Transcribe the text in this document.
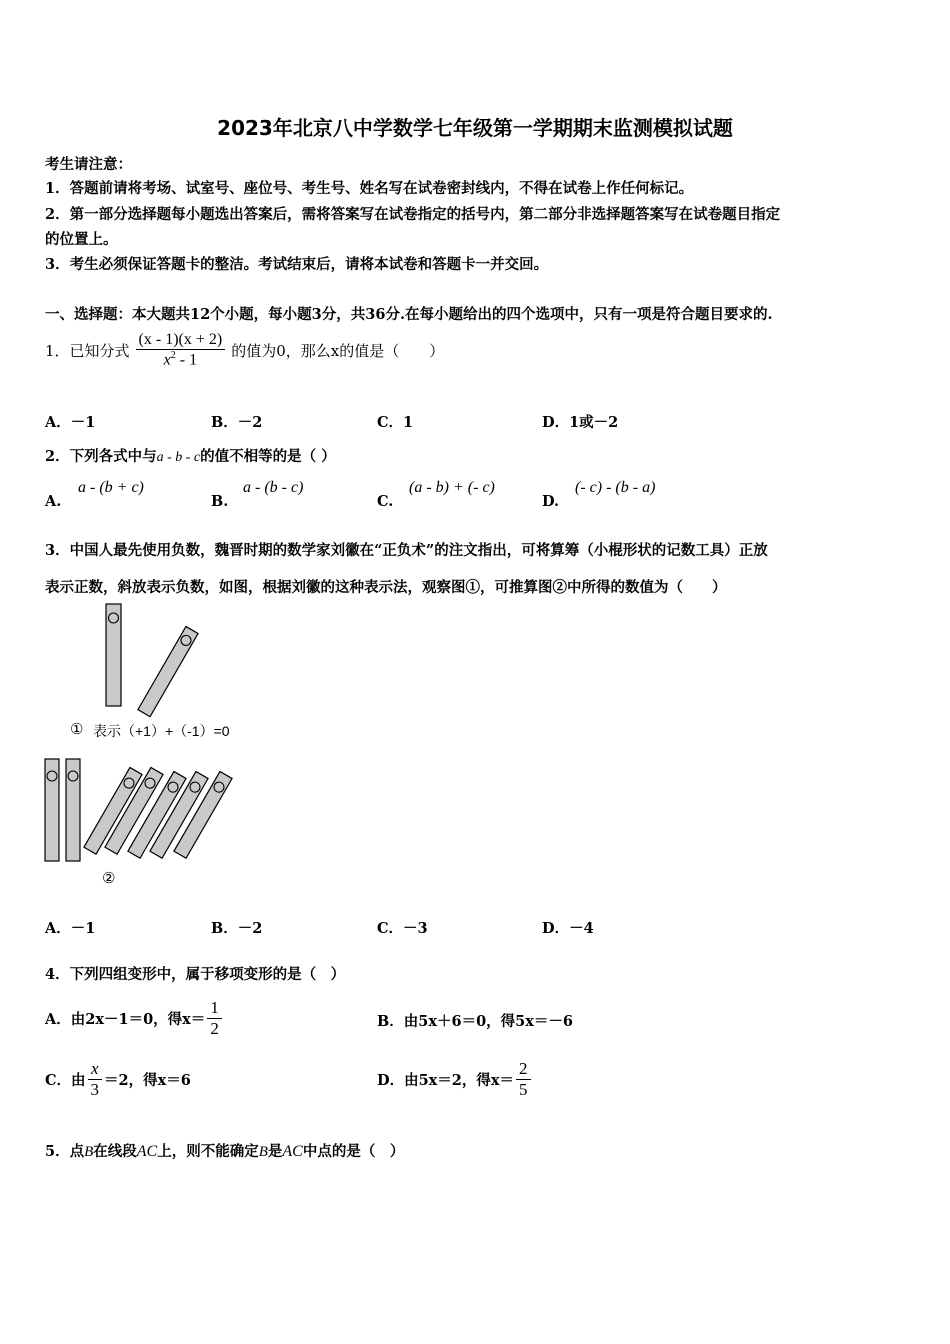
2023年北京八中学数学七年级第一学期期末监测模拟试题
考生请注意：
1．答题前请将考场、试室号、座位号、考生号、姓名写在试卷密封线内，不得在试卷上作任何标记。
2．第一部分选择题每小题选出答案后，需将答案写在试卷指定的括号内，第二部分非选择题答案写在试卷题目指定
的位置上。
3．考生必须保证答题卡的整洁。考试结束后，请将本试卷和答题卡一并交回。
一、选择题：本大题共12个小题，每小题3分，共36分.在每小题给出的四个选项中，只有一项是符合题目要求的.
1．已知分式 $\frac{(x - 1)(x + 2)}{x^2 - 1}$ 的值为0，那么x的值是（　　）
A．－1	B．－2	C．1	D．1或－2
2．下列各式中与a - b - c的值不相等的是（ ）
A.
a - (b + c)
B.
a - (b - c)
C.
(a - b) + (- c)
D.
(- c) - (b - a)
3．中国人最先使用负数，魏晋时期的数学家刘徽在“正负术”的注文指出，可将算筹（小棍形状的记数工具）正放
表示正数，斜放表示负数，如图，根据刘徽的这种表示法，观察图①，可推算图②中所得的数值为（　　）
① 表示（+1）+（-1）=0
②
A．－1	B．－2	C．－3	D．－4
4．下列四组变形中，属于移项变形的是（　）
A．由2x－1＝0，得$x= \frac{1}{2}$	B．由5x＋6＝0，得5x＝－6
C．由 $\frac{x}{3} =2$，得x＝6	D．由5x＝2，得$x= \frac{2}{5}$
5．点B在线段AC上，则不能确定B是AC中点的是（　）
